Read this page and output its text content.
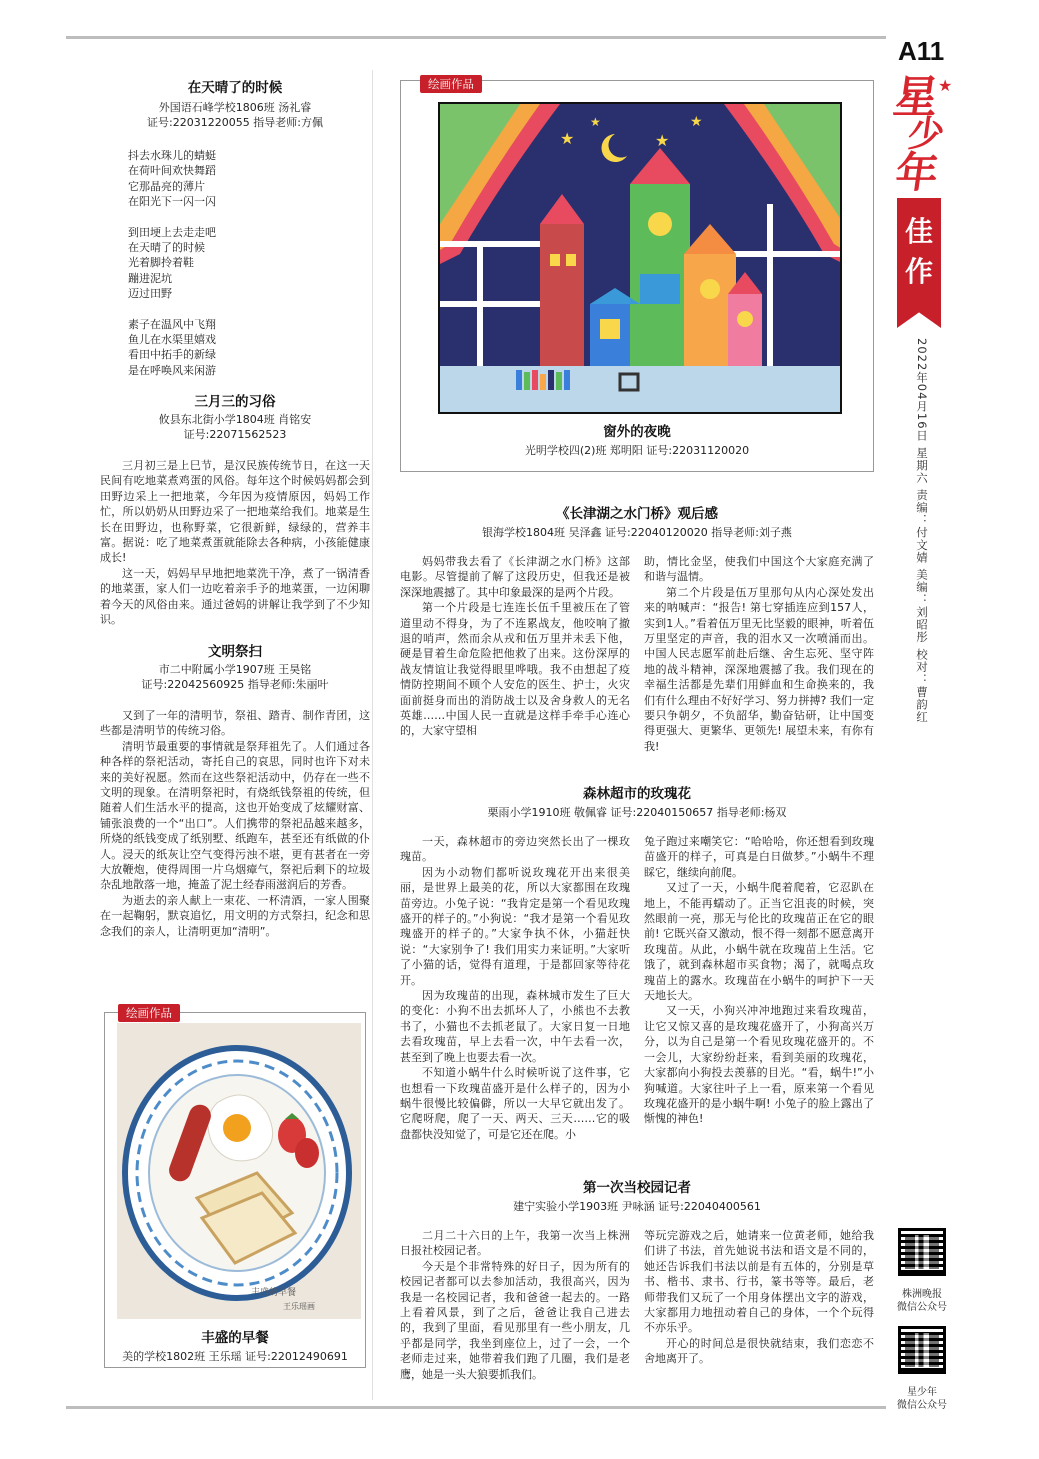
A11
星
★
少
年
佳
作
2022年04月16日 星期六 责编：付文婧 美编：刘昭彤 校对：曹韵红
株洲晚报
微信公众号
星少年
微信公众号
在天晴了的时候
外国语石峰学校1806班 汤礼睿
证号:22031220055 指导老师:方佩
抖去水珠儿的蜻蜓
在荷叶间欢快舞蹈
它那晶亮的薄片
在阳光下一闪一闪
到田埂上去走走吧
在天晴了的时候
光着脚拎着鞋
蹦进泥坑
迈过田野
素子在温风中飞翔
鱼儿在水渠里嬉戏
看田中拓手的新绿
是在呼唤风来闲游
三月三的习俗
攸县东北街小学1804班 肖铭安
证号:22071562523

三月初三是上巳节，是汉民族传统节日，在这一天民间有吃地菜煮鸡蛋的风俗。每年这个时候妈妈都会到田野边采上一把地菜，今年因为疫情原因，妈妈工作忙，所以奶奶从田野边采了一把地菜给我们。地菜是生长在田野边，也称野菜，它很新鲜，绿绿的，营养丰富。据说：吃了地菜煮蛋就能除去各种病，小孩能健康成长!

这一天，妈妈早早地把地菜洗干净，煮了一锅清香的地菜蛋，家人们一边吃着亲手予的地菜蛋，一边闲聊着今天的风俗由来。通过爸妈的讲解让我学到了不少知识。

文明祭扫
市二中附属小学1907班 王昊铭
证号:22042560925 指导老师:朱丽叶

又到了一年的清明节，祭祖、踏青、制作青团，这些都是清明节的传统习俗。

清明节最重要的事情就是祭拜祖先了。人们通过各种各样的祭祀活动，寄托自己的哀思，同时也许下对未来的美好祝愿。然而在这些祭祀活动中，仍存在一些不文明的现象。在清明祭祀时，有烧纸钱祭祖的传统，但随着人们生活水平的提高，这也开始变成了炫耀财富、铺张浪费的一个“出口”。人们携带的祭祀品越来越多，所烧的纸钱变成了纸别墅、纸跑车，甚至还有纸做的仆人。浸天的纸灰让空气变得污浊不堪，更有甚者在一旁大放鞭炮，使得周围一片乌烟瘴气，祭祀后剩下的垃圾杂乱地散落一地，掩盖了泥土经春雨滋润后的芳香。

为逝去的亲人献上一束花、一杯清酒，一家人围聚在一起鞠躬，默哀追忆，用文明的方式祭扫，纪念和思念我们的亲人，让清明更加“清明”。

绘画作品
★	★
★
★
窗外的夜晚
光明学校四(2)班 郑明阳 证号:22031120020
《长津湖之水门桥》观后感
银海学校1804班 吴泽鑫 证号:22040120020 指导老师:刘子燕

妈妈带我去看了《长津湖之水门桥》这部电影。尽管提前了解了这段历史，但我还是被深深地震撼了。其中印象最深的是两个片段。

第一个片段是七连连长伍千里被压在了管道里动不得身，为了不连累战友，他咬响了撤退的哨声，然而余从戎和伍万里并未丢下他，硬是冒着生命危险把他救了出来。这份深厚的战友情谊让我觉得眼里哗哦。我不由想起了疫情防控期间不顾个人安危的医生、护士，火灾面前挺身而出的消防战士以及舍身救人的无名英雄……中国人民一直就是这样手牵手心连心的，大家守望相

助，情比金坚，使我们中国这个大家庭充满了和谐与温情。

第二个片段是伍万里那句从内心深处发出来的呐喊声：“报告! 第七穿插连应到157人，实到1人。”看着伍万里无比坚毅的眼神，听着伍万里坚定的声音，我的泪水又一次喷涌而出。中国人民志愿军前赴后继、舍生忘死、坚守阵地的战斗精神，深深地震撼了我。我们现在的幸福生活都是先辈们用鲜血和生命换来的，我们有什么理由不好好学习、努力拼搏? 我们一定要只争朝夕，不负韶华，勤奋钻研，让中国变得更强大、更繁华、更领先! 展望未来，有你有我!

森林超市的玫瑰花
栗雨小学1910班 敬佩睿 证号:22040150657 指导老师:杨双

一天，森林超市的旁边突然长出了一棵玫瑰苗。

因为小动物们都听说玫瑰花开出来很美丽，是世界上最美的花，所以大家都围在玫瑰苗旁边。小兔子说：“我肯定是第一个看见玫瑰盛开的样子的。”小狗说：“我才是第一个看见玫瑰盛开的样子的。”大家争执不休，小猫赶快说：“大家别争了! 我们用实力来证明。”大家听了小猫的话，觉得有道理，于是都回家等待花开。

因为玫瑰苗的出现，森林城市发生了巨大的变化：小狗不出去抓坏人了，小熊也不去教书了，小猫也不去抓老鼠了。大家日复一日地去看玫瑰苗，早上去看一次，中午去看一次，甚至到了晚上也要去看一次。

不知道小蜗牛什么时候听说了这件事，它也想看一下玫瑰苗盛开是什么样子的，因为小蜗牛很慢比较偏僻，所以一大早它就出发了。它爬呀爬，爬了一天、两天、三天……它的吸盘都快没知觉了，可是它还在爬。小

兔子跑过来嘲笑它：“哈哈哈，你还想看到玫瑰苗盛开的样子，可真是白日做梦。”小蜗牛不理睬它，继续向前爬。

又过了一天，小蜗牛爬着爬着，它忍趴在地上，不能再蠕动了。正当它沮丧的时候，突然眼前一亮，那无与伦比的玫瑰苗正在它的眼前! 它既兴奋又激动，恨不得一刻都不愿意离开玫瑰苗。从此，小蜗牛就在玫瑰苗上生活。它饿了，就到森林超市买食物；渴了，就喝点玫瑰苗上的露水。玫瑰苗在小蜗牛的呵护下一天天地长大。

又一天，小狗兴冲冲地跑过来看玫瑰苗，让它又惊又喜的是玫瑰花盛开了，小狗高兴万分，以为自己是第一个看见玫瑰花盛开的。不一会儿，大家纷纷赶来，看到美丽的玫瑰花，大家都向小狗投去羡慕的目光。“看，蜗牛!”小狗喊道。大家往叶子上一看，原来第一个看见玫瑰花盛开的是小蜗牛啊! 小兔子的脸上露出了惭愧的神色!

第一次当校园记者
建宁实验小学1903班 尹咏涵 证号:22040400561

二月二十六日的上午，我第一次当上株洲日报社校园记者。

今天是个非常特殊的好日子，因为所有的校园记者都可以去参加活动，我很高兴，因为我是一名校园记者，我和爸爸一起去的。一路上看着风景，到了之后，爸爸让我自己进去的，我到了里面，看见那里有一些小朋友，几乎都是同学，我坐到座位上，过了一会，一个老师走过来，她带着我们跑了几圈，我们是老鹰，她是一头大狼要抓我们。

等玩完游戏之后，她请来一位黄老师，她给我们讲了书法，首先她说书法和语文是不同的，她还告诉我们书法以前是有五体的，分别是草书、楷书、隶书、行书，篆书等等。最后，老师带我们又玩了一个用身体摆出文字的游戏，大家都用力地扭动着自己的身体，一个个玩得不亦乐乎。

开心的时间总是很快就结束，我们恋恋不舍地离开了。

绘画作品
丰盛的早餐
王乐瑶画
丰盛的早餐
美的学校1802班 王乐瑶 证号:22012490691
